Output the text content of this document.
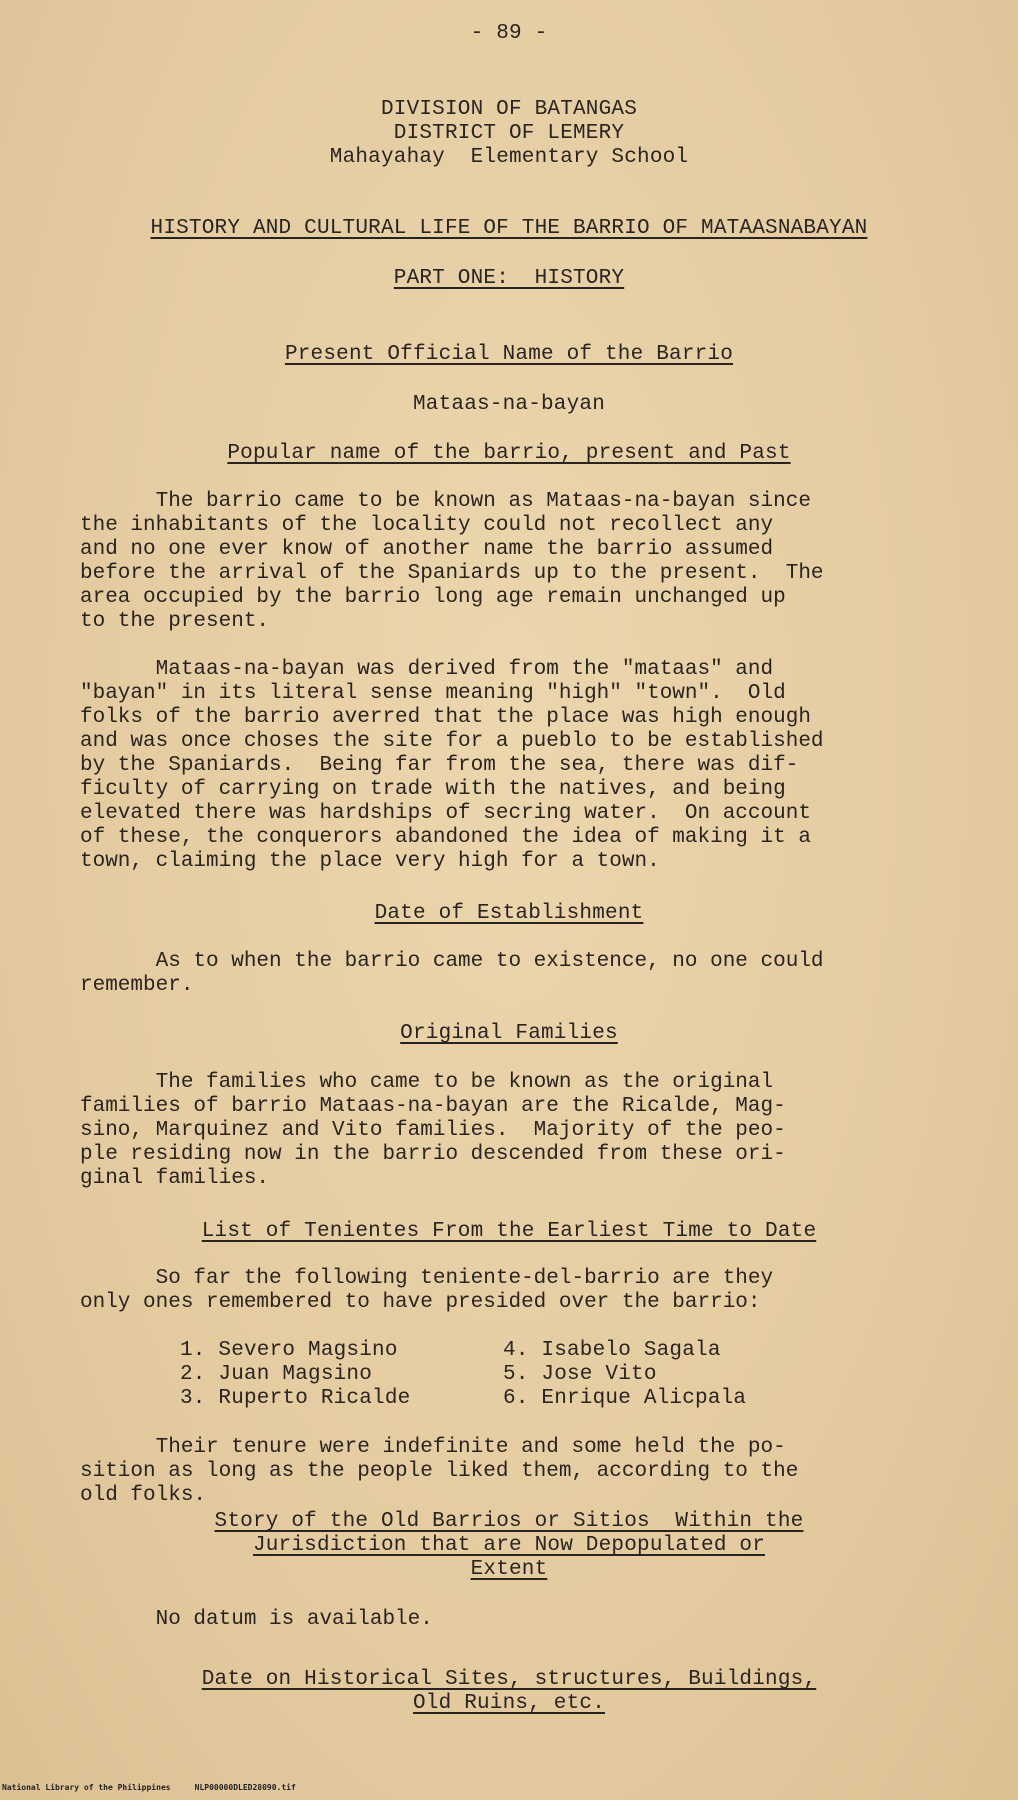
- 89 -
DIVISION OF BATANGAS
DISTRICT OF LEMERY
Mahayahay  Elementary School
HISTORY AND CULTURAL LIFE OF THE BARRIO OF MATAASNABAYAN
PART ONE:  HISTORY
Present Official Name of the Barrio
Mataas-na-bayan
Popular name of the barrio, present and Past

The barrio came to be known as Mataas-na-bayan since

the inhabitants of the locality could not recollect any

and no one ever know of another name the barrio assumed

before the arrival of the Spaniards up to the present.  The

area occupied by the barrio long age remain unchanged up

to the present.

Mataas-na-bayan was derived from the "mataas" and

"bayan" in its literal sense meaning "high" "town".  Old

folks of the barrio averred that the place was high enough

and was once choses the site for a pueblo to be established

by the Spaniards.  Being far from the sea, there was dif-

ficulty of carrying on trade with the natives, and being

elevated there was hardships of secring water.  On account

of these, the conquerors abandoned the idea of making it a

town, claiming the place very high for a town.

Date of Establishment

As to when the barrio came to existence, no one could

remember.

Original Families

The families who came to be known as the original

families of barrio Mataas-na-bayan are the Ricalde, Mag-

sino, Marquinez and Vito families.  Majority of the peo-

ple residing now in the barrio descended from these ori-

ginal families.

List of Tenientes From the Earliest Time to Date

So far the following teniente-del-barrio are they

only ones remembered to have presided over the barrio:

1. Severo Magsino
2. Juan Magsino
3. Ruperto Ricalde
4. Isabelo Sagala
5. Jose Vito
6. Enrique Alicpala

Their tenure were indefinite and some held the po-

sition as long as the people liked them, according to the

old folks.

Story of the Old Barrios or Sitios  Within the
Jurisdiction that are Now Depopulated or
Extent

No datum is available.

Date on Historical Sites, structures, Buildings,
Old Ruins, etc.
National Library of the Philippines     NLP00000DLED28090.tif
